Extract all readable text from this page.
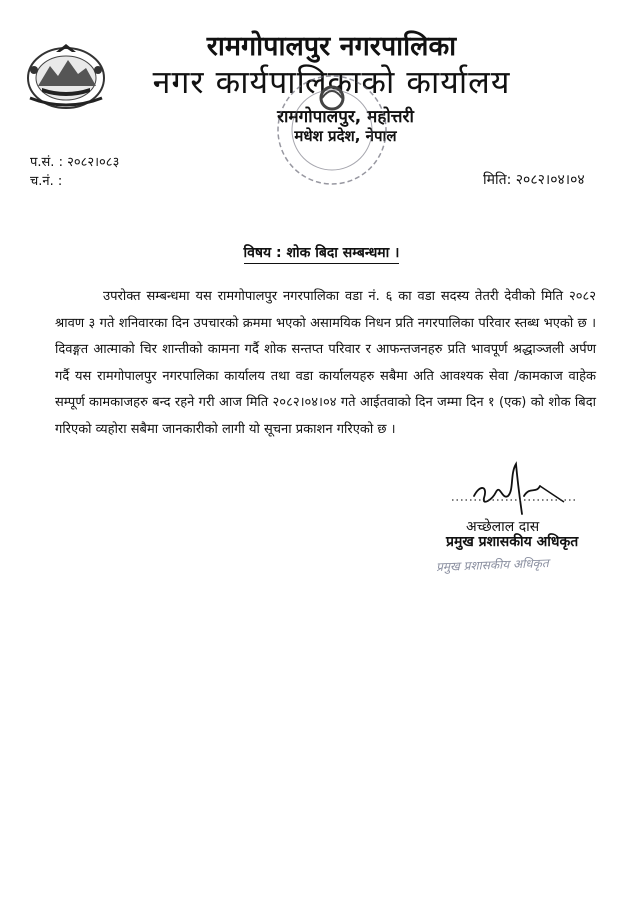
रामगोपालपुर नगरपालिका
नगर कार्यपालिकाको कार्यालय
रामगोपालपुर, महोत्तरी
मधेश प्रदेश, नेपाल
प.सं. : २०८२।०८३
च.नं. :	मिति: २०८२।०४।०४
विषय : शोक बिदा सम्बन्धमा ।

उपरोक्त सम्बन्धमा यस रामगोपालपुर नगरपालिका वडा नं. ६ का वडा सदस्य तेतरी देवीको मिति २०८२ श्रावण ३ गते शनिवारका दिन उपचारको क्रममा भएको असामयिक निधन प्रति नगरपालिका परिवार स्तब्ध भएको छ । दिवङ्गत आत्माको चिर शान्तीको कामना गर्दै शोक सन्तप्त परिवार र आफन्तजनहरु प्रति भावपूर्ण श्रद्धाञ्जली अर्पण गर्दै यस रामगोपालपुर नगरपालिका कार्यालय तथा वडा कार्यालयहरु सबैमा अति आवश्यक सेवा /कामकाज वाहेक सम्पूर्ण कामकाजहरु बन्द रहने गरी आज मिति २०८२।०४।०४ गते आईतवाको दिन जम्मा दिन १ (एक) को शोक बिदा गरिएको व्यहोरा सबैमा जानकारीको लागी यो सूचना प्रकाशन गरिएको छ ।

अच्छेलाल दास
प्रमुख प्रशासकीय अधिकृत
प्रमुख प्रशासकीय अधिकृत
